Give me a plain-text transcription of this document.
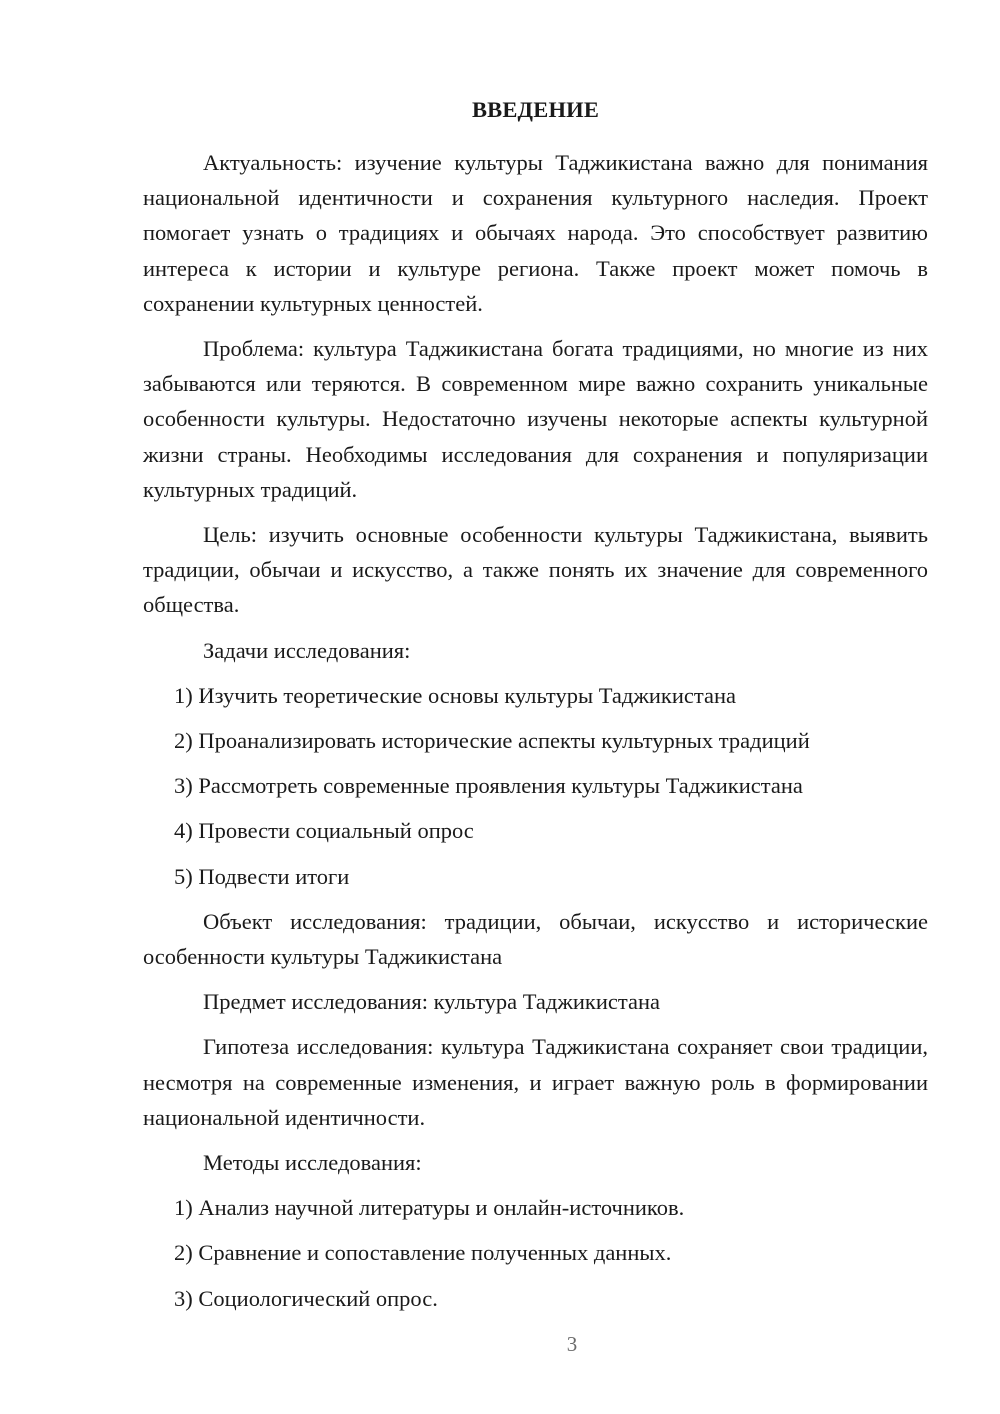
ВВЕДЕНИЕ

Актуальность: изучение культуры Таджикистана важно для понимания национальной идентичности и сохранения культурного наследия. Проект помогает узнать о традициях и обычаях народа. Это способствует развитию интереса к истории и культуре региона. Также проект может помочь в сохранении культурных ценностей.

Проблема: культура Таджикистана богата традициями, но многие из них забываются или теряются. В современном мире важно сохранить уникальные особенности культуры. Недостаточно изучены некоторые аспекты культурной жизни страны. Необходимы исследования для сохранения и популяризации культурных традиций.

Цель: изучить основные особенности культуры Таджикистана, выявить традиции, обычаи и искусство, а также понять их значение для современного общества.

Задачи исследования:
1) Изучить теоретические основы культуры Таджикистана
2) Проанализировать исторические аспекты культурных традиций
3) Рассмотреть современные проявления культуры Таджикистана
4) Провести социальный опрос
5) Подвести итоги

Объект исследования: традиции, обычаи, искусство и исторические особенности культуры Таджикистана

Предмет исследования: культура Таджикистана

Гипотеза исследования: культура Таджикистана сохраняет свои традиции, несмотря на современные изменения, и играет важную роль в формировании национальной идентичности.

Методы исследования:
1) Анализ научной литературы и онлайн-источников.
2) Сравнение и сопоставление полученных данных.
3) Социологический опрос.
3
